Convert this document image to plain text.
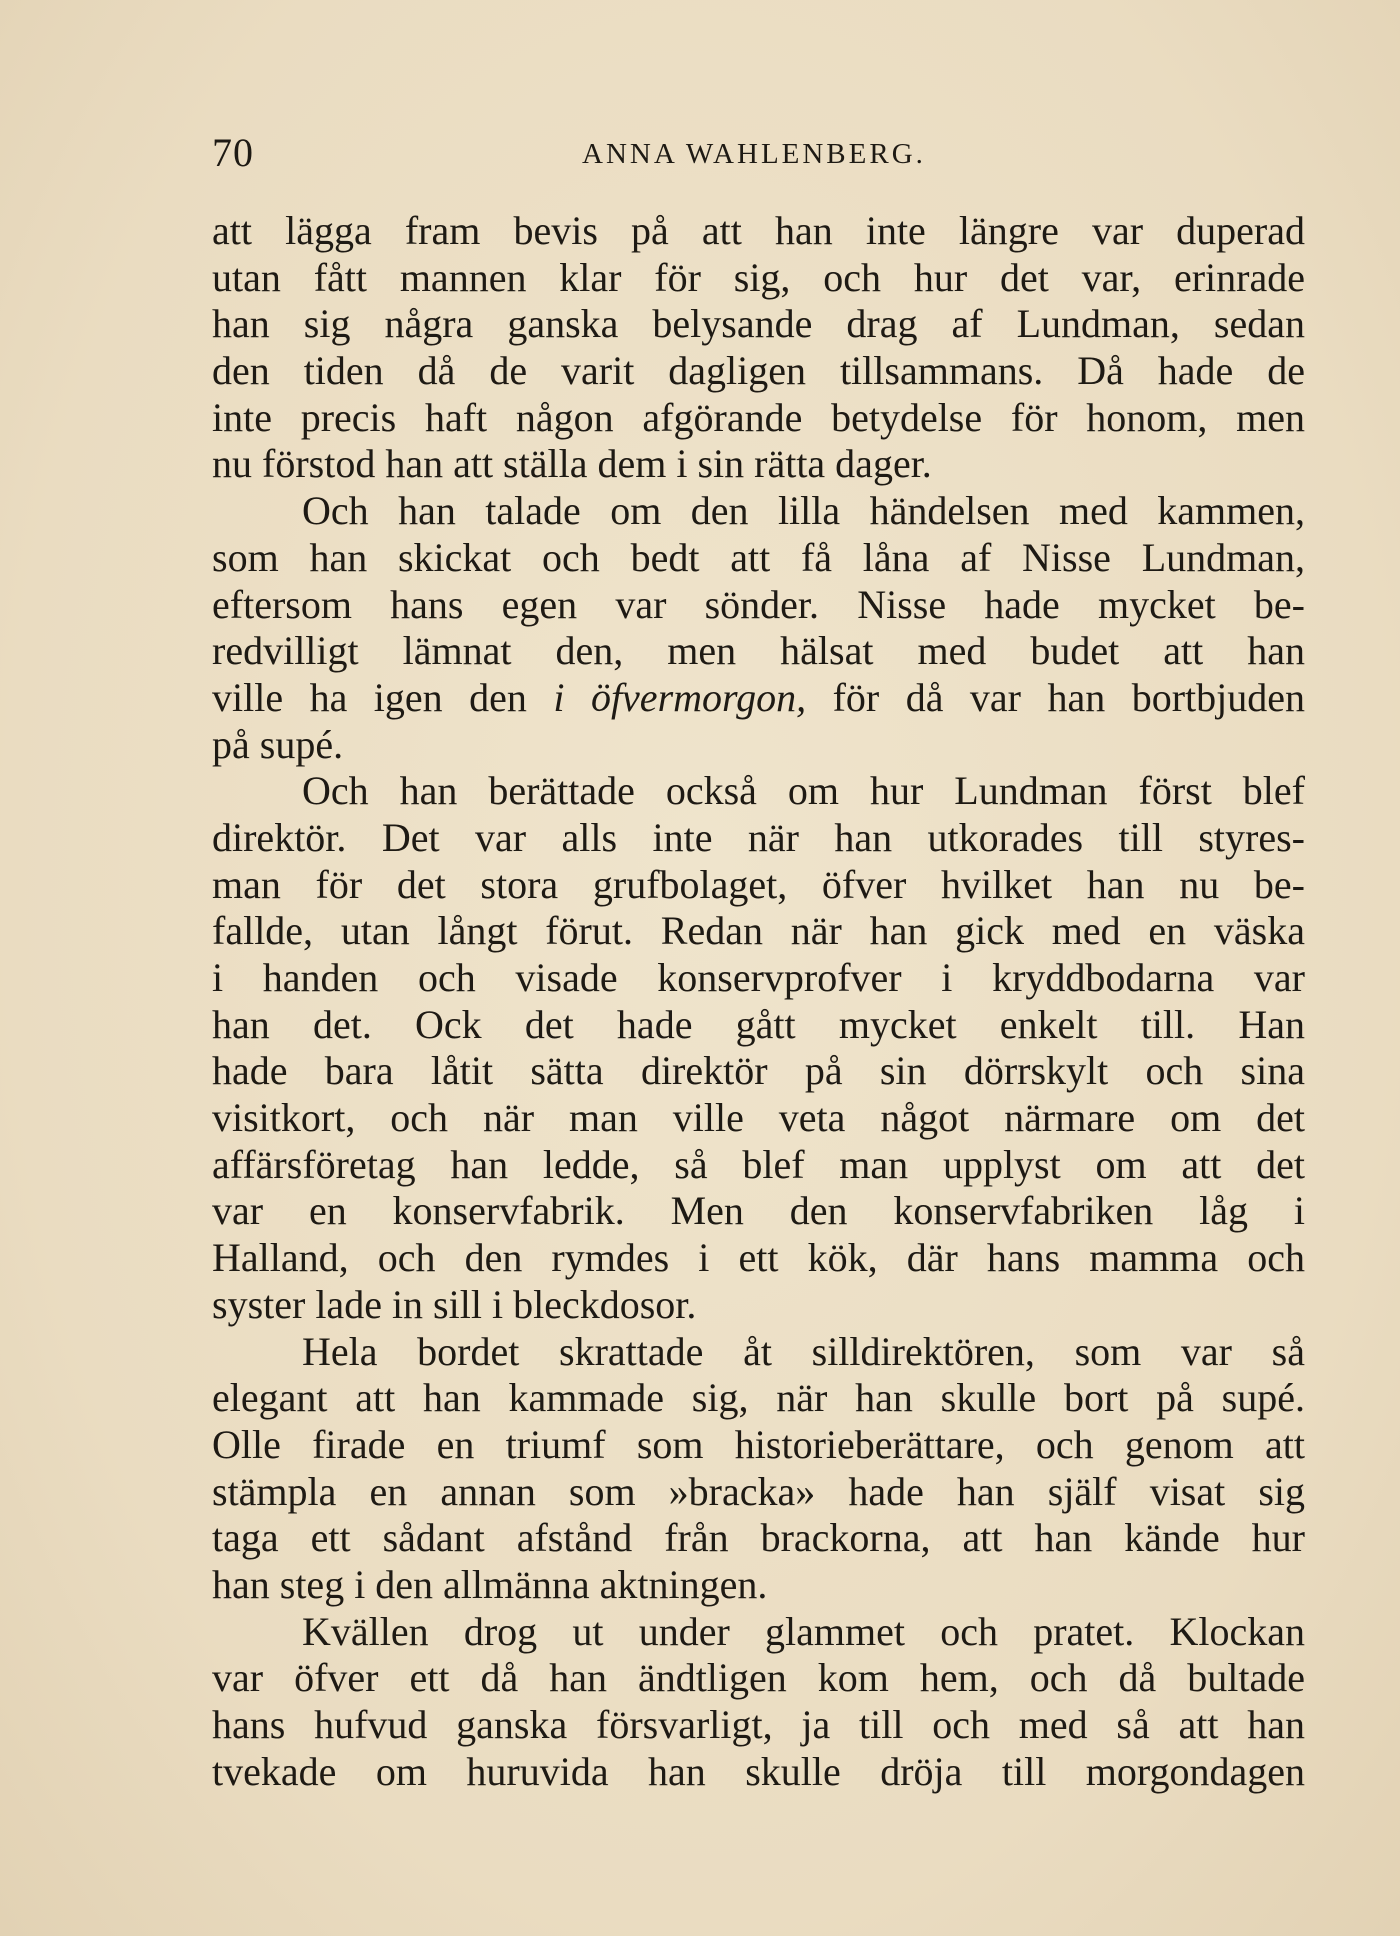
70	ANNA WAHLENBERG.
att lägga fram bevis på att han inte längre var duperad
utan fått mannen klar för sig, och hur det var, erinrade
han sig några ganska belysande drag af Lundman, sedan
den tiden då de varit dagligen tillsammans. Då hade de
inte precis haft någon afgörande betydelse för honom, men
nu förstod han att ställa dem i sin rätta dager.
Och han talade om den lilla händelsen med kammen,
som han skickat och bedt att få låna af Nisse Lundman,
eftersom hans egen var sönder. Nisse hade mycket be-
redvilligt lämnat den, men hälsat med budet att han
ville ha igen den i öfvermorgon, för då var han bortbjuden
på supé.
Och han berättade också om hur Lundman först blef
direktör. Det var alls inte när han utkorades till styres-
man för det stora grufbolaget, öfver hvilket han nu be-
fallde, utan långt förut. Redan när han gick med en väska
i handen och visade konservprofver i kryddbodarna var
han det. Ock det hade gått mycket enkelt till. Han
hade bara låtit sätta direktör på sin dörrskylt och sina
visitkort, och när man ville veta något närmare om det
affärsföretag han ledde, så blef man upplyst om att det
var en konservfabrik. Men den konservfabriken låg i
Halland, och den rymdes i ett kök, där hans mamma och
syster lade in sill i bleckdosor.
Hela bordet skrattade åt silldirektören, som var så
elegant att han kammade sig, när han skulle bort på supé.
Olle firade en triumf som historieberättare, och genom att
stämpla en annan som »bracka» hade han själf visat sig
taga ett sådant afstånd från brackorna, att han kände hur
han steg i den allmänna aktningen.
Kvällen drog ut under glammet och pratet. Klockan
var öfver ett då han ändtligen kom hem, och då bultade
hans hufvud ganska försvarligt, ja till och med så att han
tvekade om huruvida han skulle dröja till morgondagen
